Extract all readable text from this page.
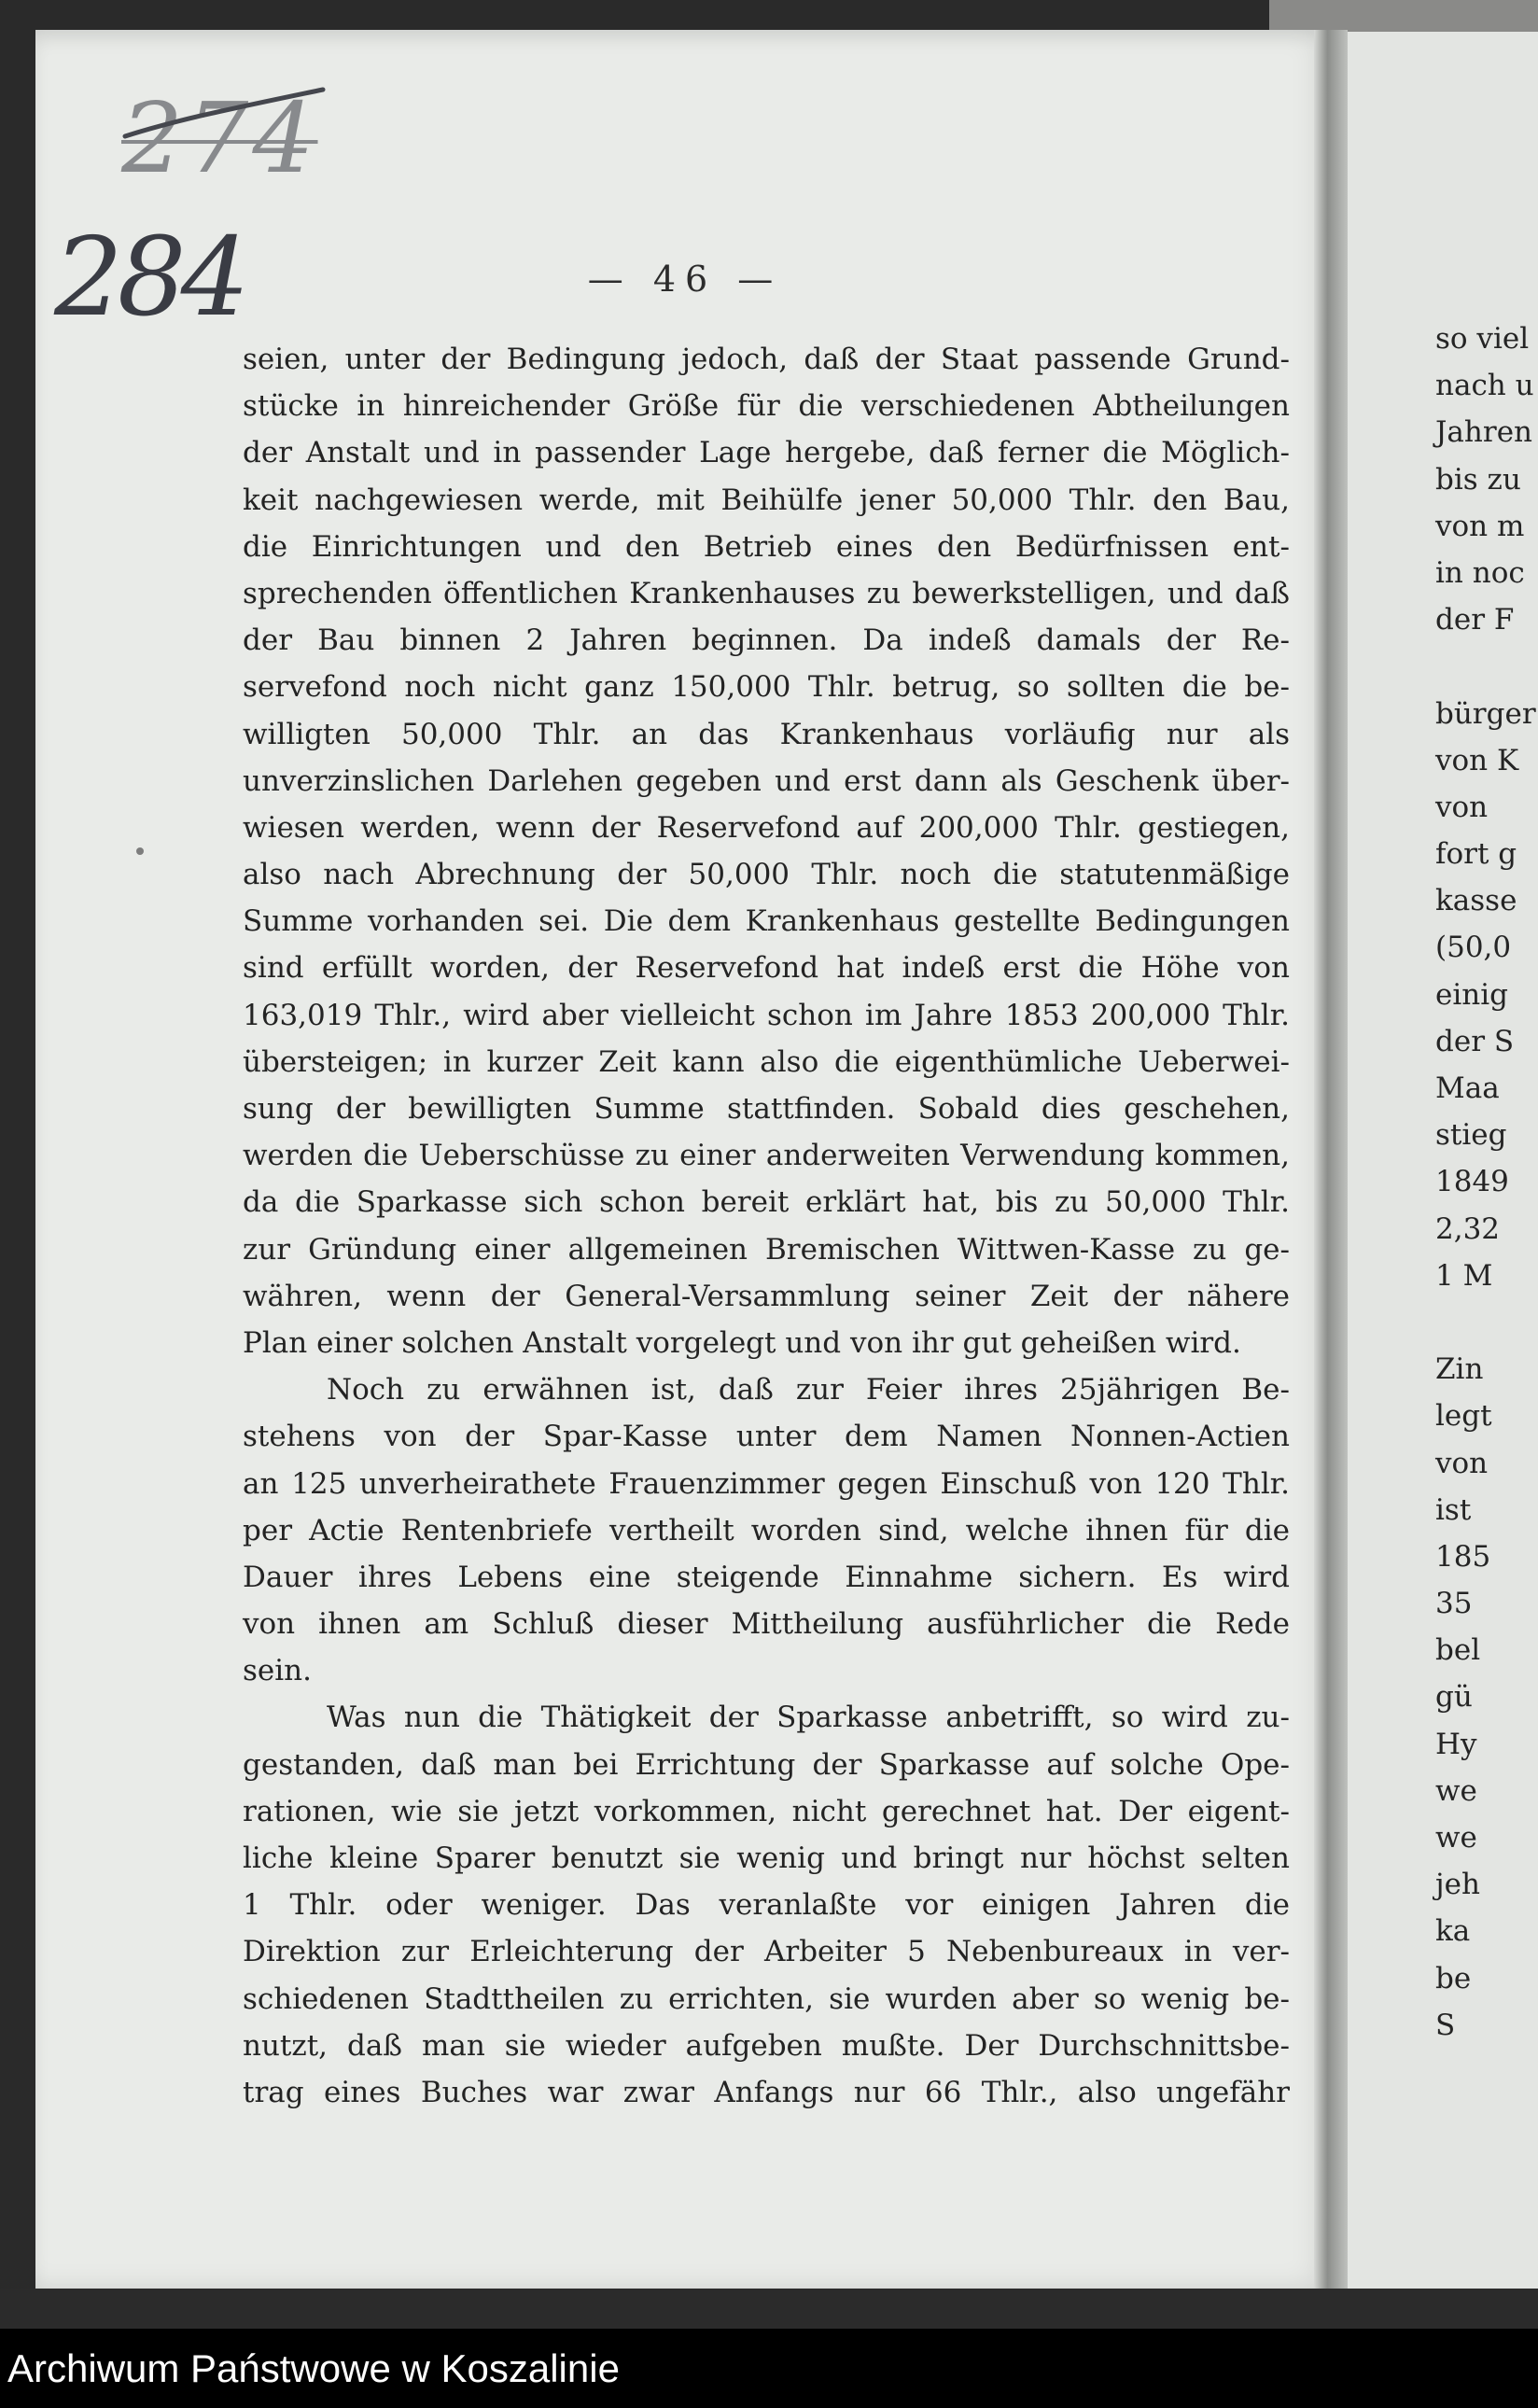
— 46 —
seien, unter der Bedingung jedoch, daß der Staat passende Grund-
stücke in hinreichender Größe für die verschiedenen Abtheilungen
der Anstalt und in passender Lage hergebe, daß ferner die Möglich-
keit nachgewiesen werde, mit Beihülfe jener 50,000 Thlr. den Bau,
die Einrichtungen und den Betrieb eines den Bedürfnissen ent-
sprechenden öffentlichen Krankenhauses zu bewerkstelligen, und daß
der Bau binnen 2 Jahren beginnen. Da indeß damals der Re-
servefond noch nicht ganz 150,000 Thlr. betrug, so sollten die be-
willigten 50,000 Thlr. an das Krankenhaus vorläufig nur als
unverzinslichen Darlehen gegeben und erst dann als Geschenk über-
wiesen werden, wenn der Reservefond auf 200,000 Thlr. gestiegen,
also nach Abrechnung der 50,000 Thlr. noch die statutenmäßige
Summe vorhanden sei. Die dem Krankenhaus gestellte Bedingungen
sind erfüllt worden, der Reservefond hat indeß erst die Höhe von
163,019 Thlr., wird aber vielleicht schon im Jahre 1853 200,000 Thlr.
übersteigen; in kurzer Zeit kann also die eigenthümliche Ueberwei-
sung der bewilligten Summe stattfinden. Sobald dies geschehen,
werden die Ueberschüsse zu einer anderweiten Verwendung kommen,
da die Sparkasse sich schon bereit erklärt hat, bis zu 50,000 Thlr.
zur Gründung einer allgemeinen Bremischen Wittwen-Kasse zu ge-
währen, wenn der General-Versammlung seiner Zeit der nähere
Plan einer solchen Anstalt vorgelegt und von ihr gut geheißen wird.
Noch zu erwähnen ist, daß zur Feier ihres 25jährigen Be-
stehens von der Spar-Kasse unter dem Namen Nonnen-Actien
an 125 unverheirathete Frauenzimmer gegen Einschuß von 120 Thlr.
per Actie Rentenbriefe vertheilt worden sind, welche ihnen für die
Dauer ihres Lebens eine steigende Einnahme sichern. Es wird
von ihnen am Schluß dieser Mittheilung ausführlicher die Rede
sein.
Was nun die Thätigkeit der Sparkasse anbetrifft, so wird zu-
gestanden, daß man bei Errichtung der Sparkasse auf solche Ope-
rationen, wie sie jetzt vorkommen, nicht gerechnet hat. Der eigent-
liche kleine Sparer benutzt sie wenig und bringt nur höchst selten
1 Thlr. oder weniger. Das veranlaßte vor einigen Jahren die
Direktion zur Erleichterung der Arbeiter 5 Nebenbureaux in ver-
schiedenen Stadttheilen zu errichten, sie wurden aber so wenig be-
nutzt, daß man sie wieder aufgeben mußte. Der Durchschnittsbe-
trag eines Buches war zwar Anfangs nur 66 Thlr., also ungefähr
so viel
nach u
Jahren
bis zu
von m
in noc
der F
bürger
von K
von
fort g
kasse
(50,0
einig
der S
Maa
stieg
1849
2,32
1 M
Zin
legt
von
ist
185
35
bel
gü
Hy
we
we
jeh
ka
be
S
274
284
Archiwum Państwowe w Koszalinie
